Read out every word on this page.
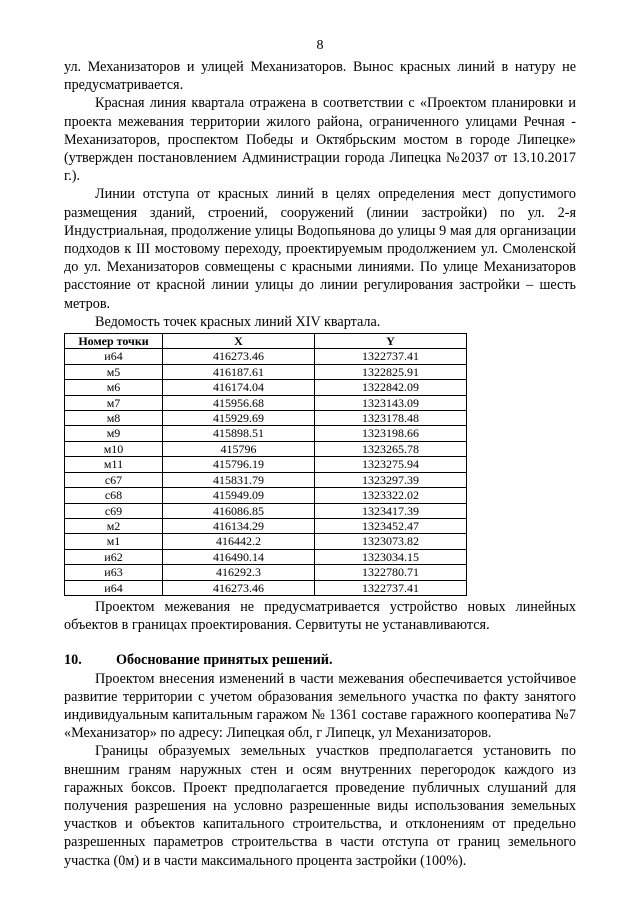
8

ул. Механизаторов и улицей Механизаторов. Вынос красных линий в натуру не предусматривается.

Красная линия квартала отражена в соответствии с «Проектом планировки и проекта межевания территории жилого района, ограниченного улицами Речная - Механизаторов, проспектом Победы и Октябрьским мостом в городе Липецке» (утвержден постановлением Администрации города Липецка №2037 от 13.10.2017 г.).

Линии отступа от красных линий в целях определения мест допустимого размещения зданий, строений, сооружений (линии застройки) по ул. 2-я Индустриальная, продолжение улицы Водопьянова до улицы 9 мая для организации подходов к III мостовому переходу, проектируемым продолжением ул. Смоленской до ул. Механизаторов совмещены с красными линиями. По улице Механизаторов расстояние от красной линии улицы до линии регулирования застройки – шесть метров.

Ведомость точек красных линий XIV квартала.

Номер точки	X	Y
и64	416273.46	1322737.41
м5	416187.61	1322825.91
м6	416174.04	1322842.09
м7	415956.68	1323143.09
м8	415929.69	1323178.48
м9	415898.51	1323198.66
м10	415796	1323265.78
м11	415796.19	1323275.94
с67	415831.79	1323297.39
с68	415949.09	1323322.02
с69	416086.85	1323417.39
м2	416134.29	1323452.47
м1	416442.2	1323073.82
и62	416490.14	1323034.15
и63	416292.3	1322780.71
и64	416273.46	1322737.41

Проектом межевания не предусматривается устройство новых линейных объектов в границах проектирования. Сервитуты не устанавливаются.

10. Обоснование принятых решений.

Проектом внесения изменений в части межевания обеспечивается устойчивое развитие территории с учетом образования земельного участка по факту занятого индивидуальным капитальным гаражом № 1361 составе гаражного кооператива №7 «Механизатор» по адресу: Липецкая обл, г Липецк, ул Механизаторов.

Границы образуемых земельных участков предполагается установить по внешним граням наружных стен и осям внутренних перегородок каждого из гаражных боксов. Проект предполагается проведение публичных слушаний для получения разрешения на условно разрешенные виды использования земельных участков и объектов капитального строительства, и отклонениям от предельно разрешенных параметров строительства в части отступа от границ земельного участка (0м) и в части максимального процента застройки (100%).
